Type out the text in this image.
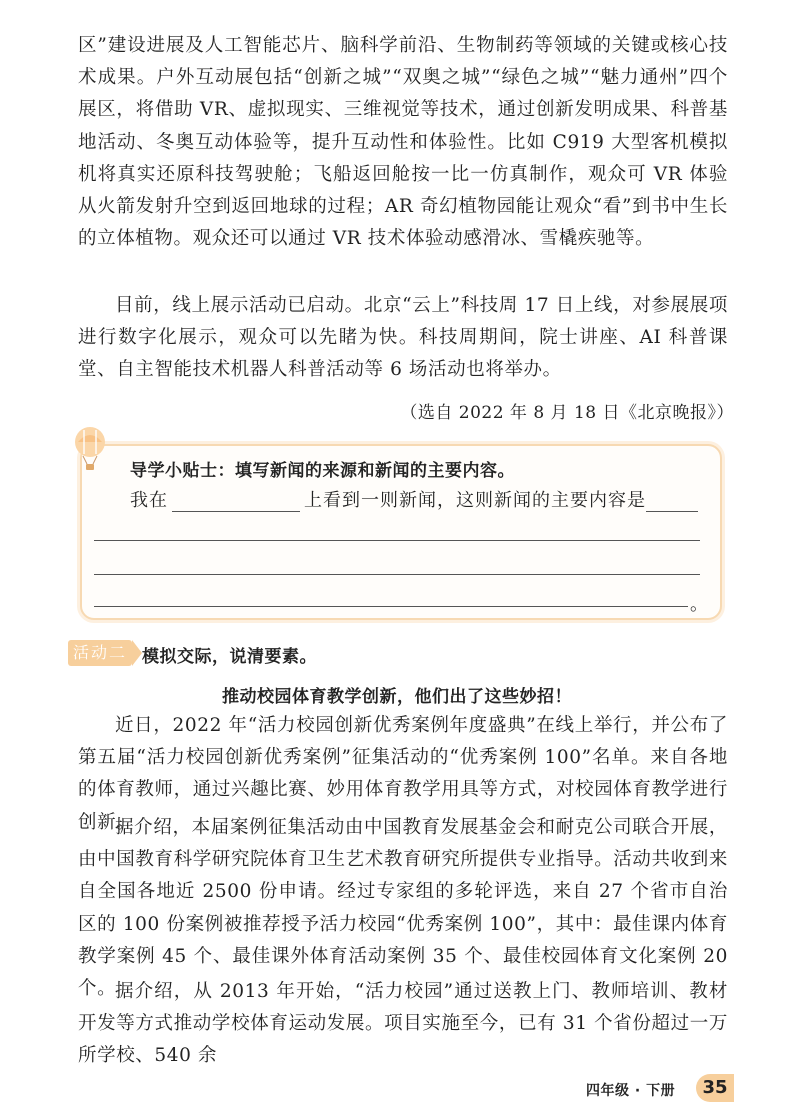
区”建设进展及人工智能芯片、脑科学前沿、生物制药等领域的关键或核心技术成果。户外互动展包括“创新之城”“双奥之城”“绿色之城”“魅力通州”四个展区，将借助 VR、虚拟现实、三维视觉等技术，通过创新发明成果、科普基地活动、冬奥互动体验等，提升互动性和体验性。比如 C919 大型客机模拟机将真实还原科技驾驶舱；飞船返回舱按一比一仿真制作，观众可 VR 体验从火箭发射升空到返回地球的过程；AR 奇幻植物园能让观众“看”到书中生长的立体植物。观众还可以通过 VR 技术体验动感滑冰、雪橇疾驰等。

目前，线上展示活动已启动。北京“云上”科技周 17 日上线，对参展展项进行数字化展示，观众可以先睹为快。科技周期间，院士讲座、AI 科普课堂、自主智能技术机器人科普活动等 6 场活动也将举办。

（选自 2022 年 8 月 18 日《北京晚报》）
导学小贴士：填写新闻的来源和新闻的主要内容。
我在	上看到一则新闻，这则新闻的主要内容是
。
活动二 模拟交际，说清要素。
推动校园体育教学创新，他们出了这些妙招！

近日，2022 年“活力校园创新优秀案例年度盛典”在线上举行，并公布了第五届“活力校园创新优秀案例”征集活动的“优秀案例 100”名单。来自各地的体育教师，通过兴趣比赛、妙用体育教学用具等方式，对校园体育教学进行创新。

据介绍，本届案例征集活动由中国教育发展基金会和耐克公司联合开展，由中国教育科学研究院体育卫生艺术教育研究所提供专业指导。活动共收到来自全国各地近 2500 份申请。经过专家组的多轮评选，来自 27 个省市自治区的 100 份案例被推荐授予活力校园“优秀案例 100”，其中：最佳课内体育教学案例 45 个、最佳课外体育活动案例 35 个、最佳校园体育文化案例 20 个。

据介绍，从 2013 年开始，“活力校园”通过送教上门、教师培训、教材开发等方式推动学校体育运动发展。项目实施至今，已有 31 个省份超过一万所学校、540 余

四年级 · 下册	35
